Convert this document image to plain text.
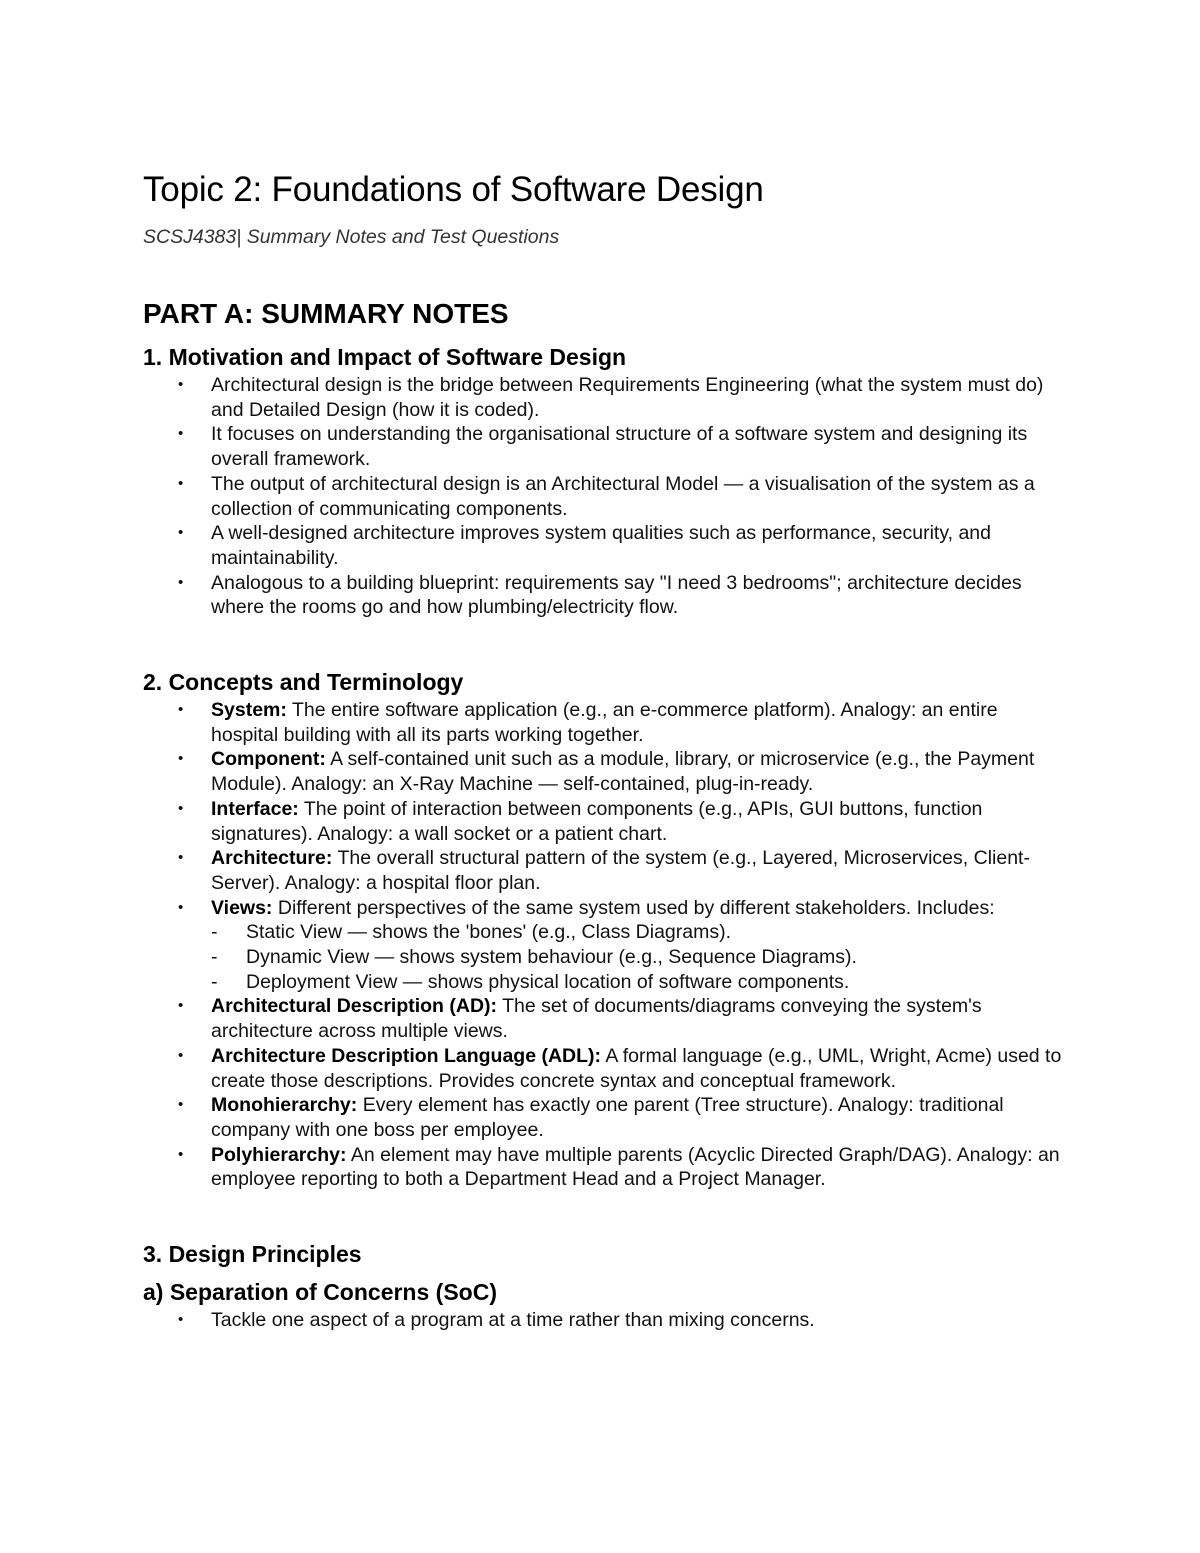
Topic 2: Foundations of Software Design
SCSJ4383| Summary Notes and Test Questions
PART A: SUMMARY NOTES
1. Motivation and Impact of Software Design
• Architectural design is the bridge between Requirements Engineering (what the system must do) and Detailed Design (how it is coded).
• It focuses on understanding the organisational structure of a software system and designing its overall framework.
• The output of architectural design is an Architectural Model — a visualisation of the system as a collection of communicating components.
• A well-designed architecture improves system qualities such as performance, security, and maintainability.
• Analogous to a building blueprint: requirements say "I need 3 bedrooms"; architecture decides where the rooms go and how plumbing/electricity flow.
2. Concepts and Terminology
• System: The entire software application (e.g., an e-commerce platform). Analogy: an entire hospital building with all its parts working together.
• Component: A self-contained unit such as a module, library, or microservice (e.g., the Payment Module). Analogy: an X-Ray Machine — self-contained, plug-in-ready.
• Interface: The point of interaction between components (e.g., APIs, GUI buttons, function signatures). Analogy: a wall socket or a patient chart.
• Architecture: The overall structural pattern of the system (e.g., Layered, Microservices, Client-Server). Analogy: a hospital floor plan.
• Views: Different perspectives of the same system used by different stakeholders. Includes:
- Static View — shows the 'bones' (e.g., Class Diagrams).
- Dynamic View — shows system behaviour (e.g., Sequence Diagrams).
- Deployment View — shows physical location of software components.
• Architectural Description (AD): The set of documents/diagrams conveying the system's architecture across multiple views.
• Architecture Description Language (ADL): A formal language (e.g., UML, Wright, Acme) used to create those descriptions. Provides concrete syntax and conceptual framework.
• Monohierarchy: Every element has exactly one parent (Tree structure). Analogy: traditional company with one boss per employee.
• Polyhierarchy: An element may have multiple parents (Acyclic Directed Graph/DAG). Analogy: an employee reporting to both a Department Head and a Project Manager.
3. Design Principles
a) Separation of Concerns (SoC)
• Tackle one aspect of a program at a time rather than mixing concerns.
